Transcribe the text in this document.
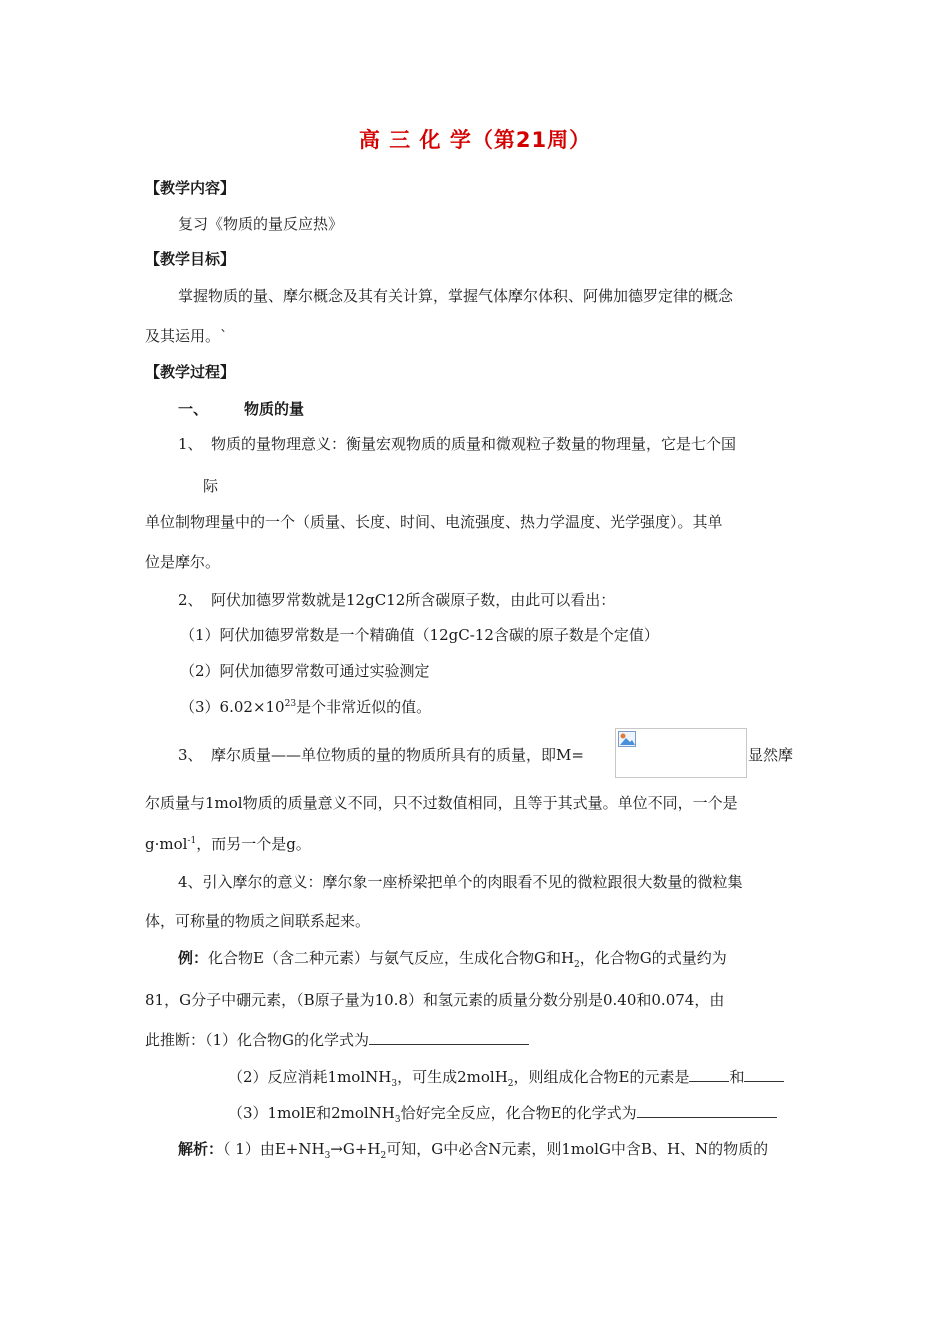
高 三 化 学（第21周）
【教学内容】
复习《物质的量反应热》
【教学目标】
掌握物质的量、摩尔概念及其有关计算，掌握气体摩尔体积、阿佛加德罗定律的概念
及其运用。`
【教学过程】
一、 物质的量
1、 物质的量物理意义：衡量宏观物质的质量和微观粒子数量的物理量，它是七个国
际
单位制物理量中的一个（质量、长度、时间、电流强度、热力学温度、光学强度）。其单
位是摩尔。
2、 阿伏加德罗常数就是12gC12所含碳原子数，由此可以看出：
（1）阿伏加德罗常数是一个精确值（12gC-12含碳的原子数是个定值）
（2）阿伏加德罗常数可通过实验测定
$(3)6.02\times 10^{23}$是个非常近似的值。
3、 摩尔质量——单位物质的量的物质所具有的质量，即M=	显然摩
尔质量与1mol物质的质量意义不同，只不过数值相同，且等于其式量。单位不同，一个是
g·mol$^{-1}$，而另一个是g。
4、引入摩尔的意义：摩尔象一座桥梁把单个的肉眼看不见的微粒跟很大数量的微粒集
体，可称量的物质之间联系起来。
例：化合物E（含二种元素）与氨气反应，生成化合物G和$H_2$，化合物G的式量约为
81，G分子中硼元素，（B原子量为10.8）和氢元素的质量分数分别是0.40和0.074，由
此推断：（1）化合物G的化学式为
（2）反应消耗1molNH$_3$，可生成2molH$_2$，则组成化合物E的元素是	和
（3）1molE和2molNH$_3$恰好完全反应，化合物E的化学式为
解析：（ 1）由$E+NH_3\to G+H_2$可知，G中必含N元素，则1molG中含B、H、N的物质的
